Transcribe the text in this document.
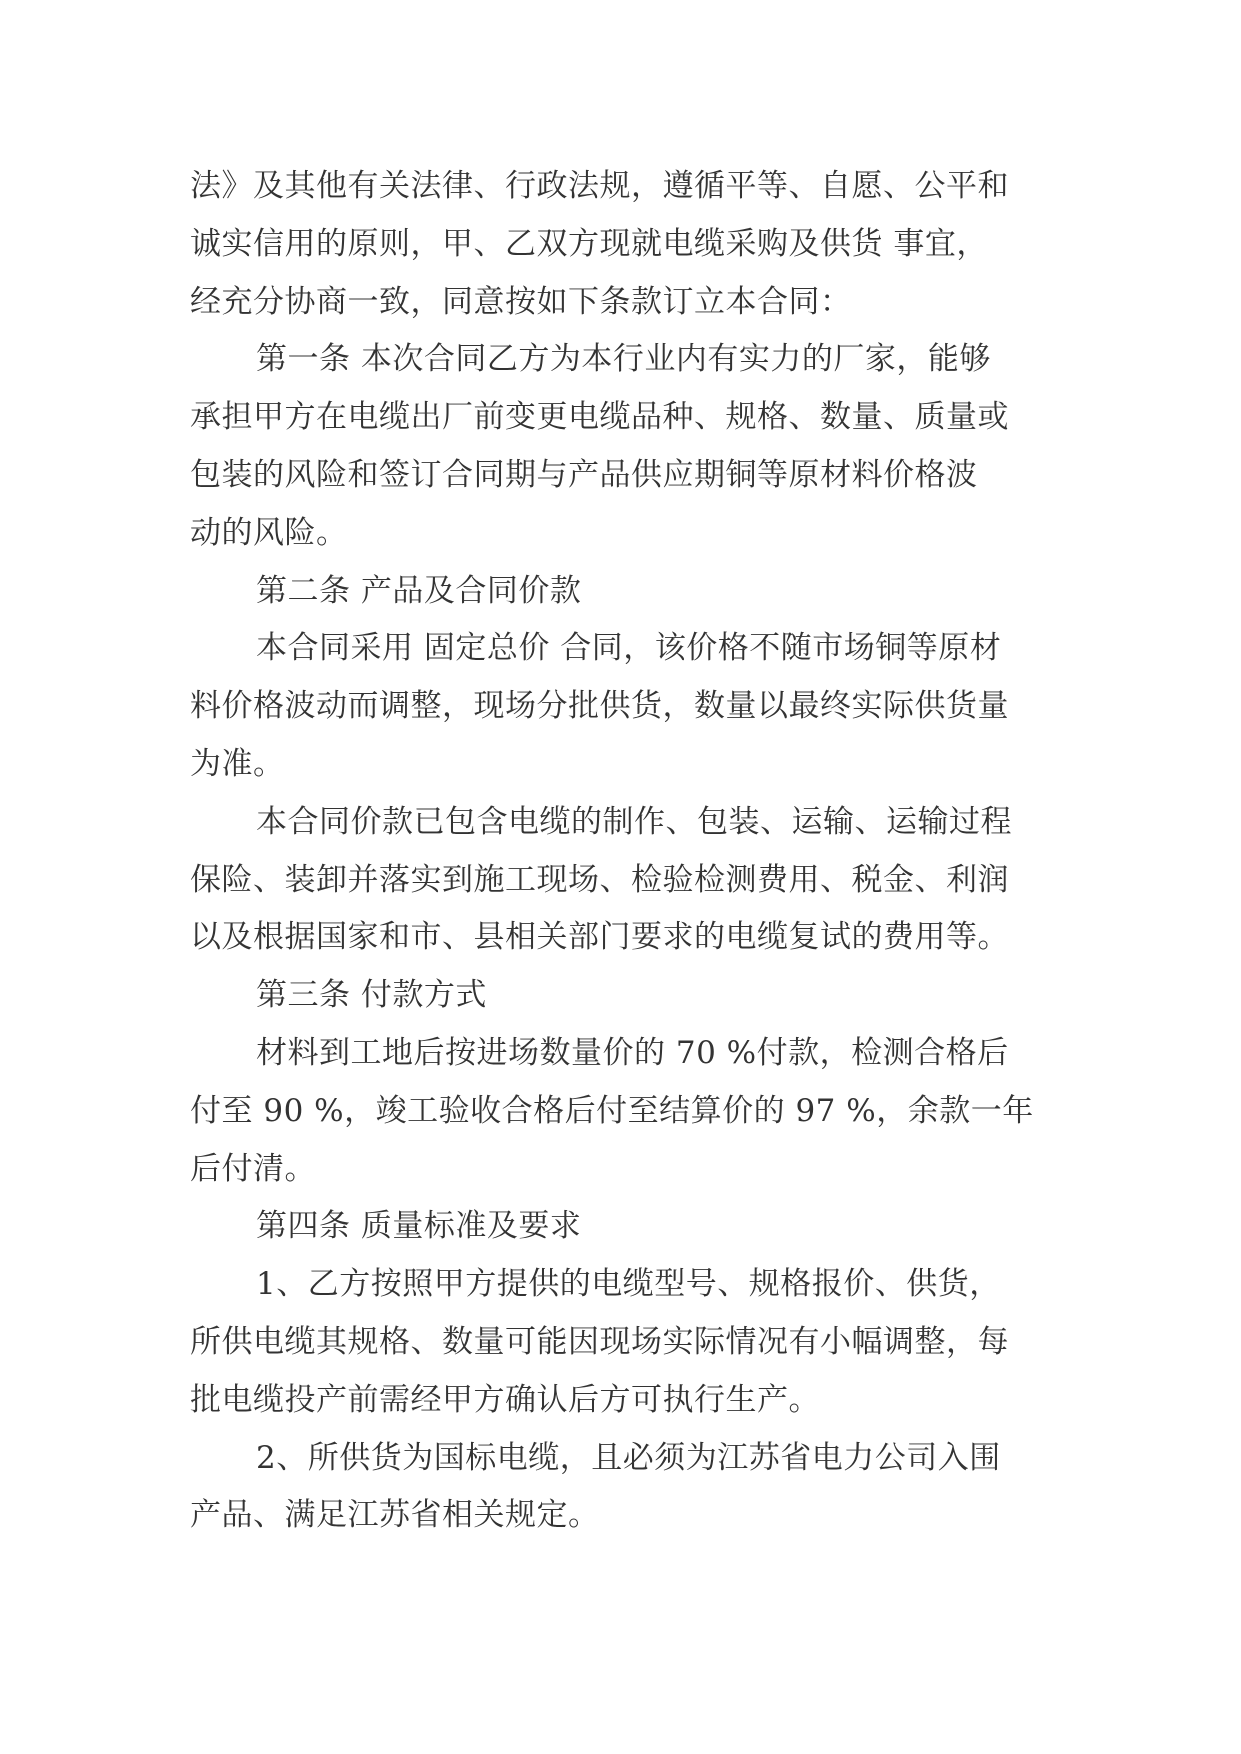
法》及其他有关法律、行政法规，遵循平等、自愿、公平和
诚实信用的原则，甲、乙双方现就电缆采购及供货 事宜，
经充分协商一致，同意按如下条款订立本合同：
第一条 本次合同乙方为本行业内有实力的厂家，能够
承担甲方在电缆出厂前变更电缆品种、规格、数量、质量或
包装的风险和签订合同期与产品供应期铜等原材料价格波
动的风险。
第二条 产品及合同价款
本合同采用 固定总价 合同，该价格不随市场铜等原材
料价格波动而调整，现场分批供货，数量以最终实际供货量
为准。
本合同价款已包含电缆的制作、包装、运输、运输过程
保险、装卸并落实到施工现场、检验检测费用、税金、利润
以及根据国家和市、县相关部门要求的电缆复试的费用等。
第三条 付款方式
材料到工地后按进场数量价的 70 %付款，检测合格后
付至 90 %，竣工验收合格后付至结算价的 97 %，余款一年
后付清。
第四条 质量标准及要求
1、乙方按照甲方提供的电缆型号、规格报价、供货，
所供电缆其规格、数量可能因现场实际情况有小幅调整，每
批电缆投产前需经甲方确认后方可执行生产。
2、所供货为国标电缆，且必须为江苏省电力公司入围
产品、满足江苏省相关规定。
